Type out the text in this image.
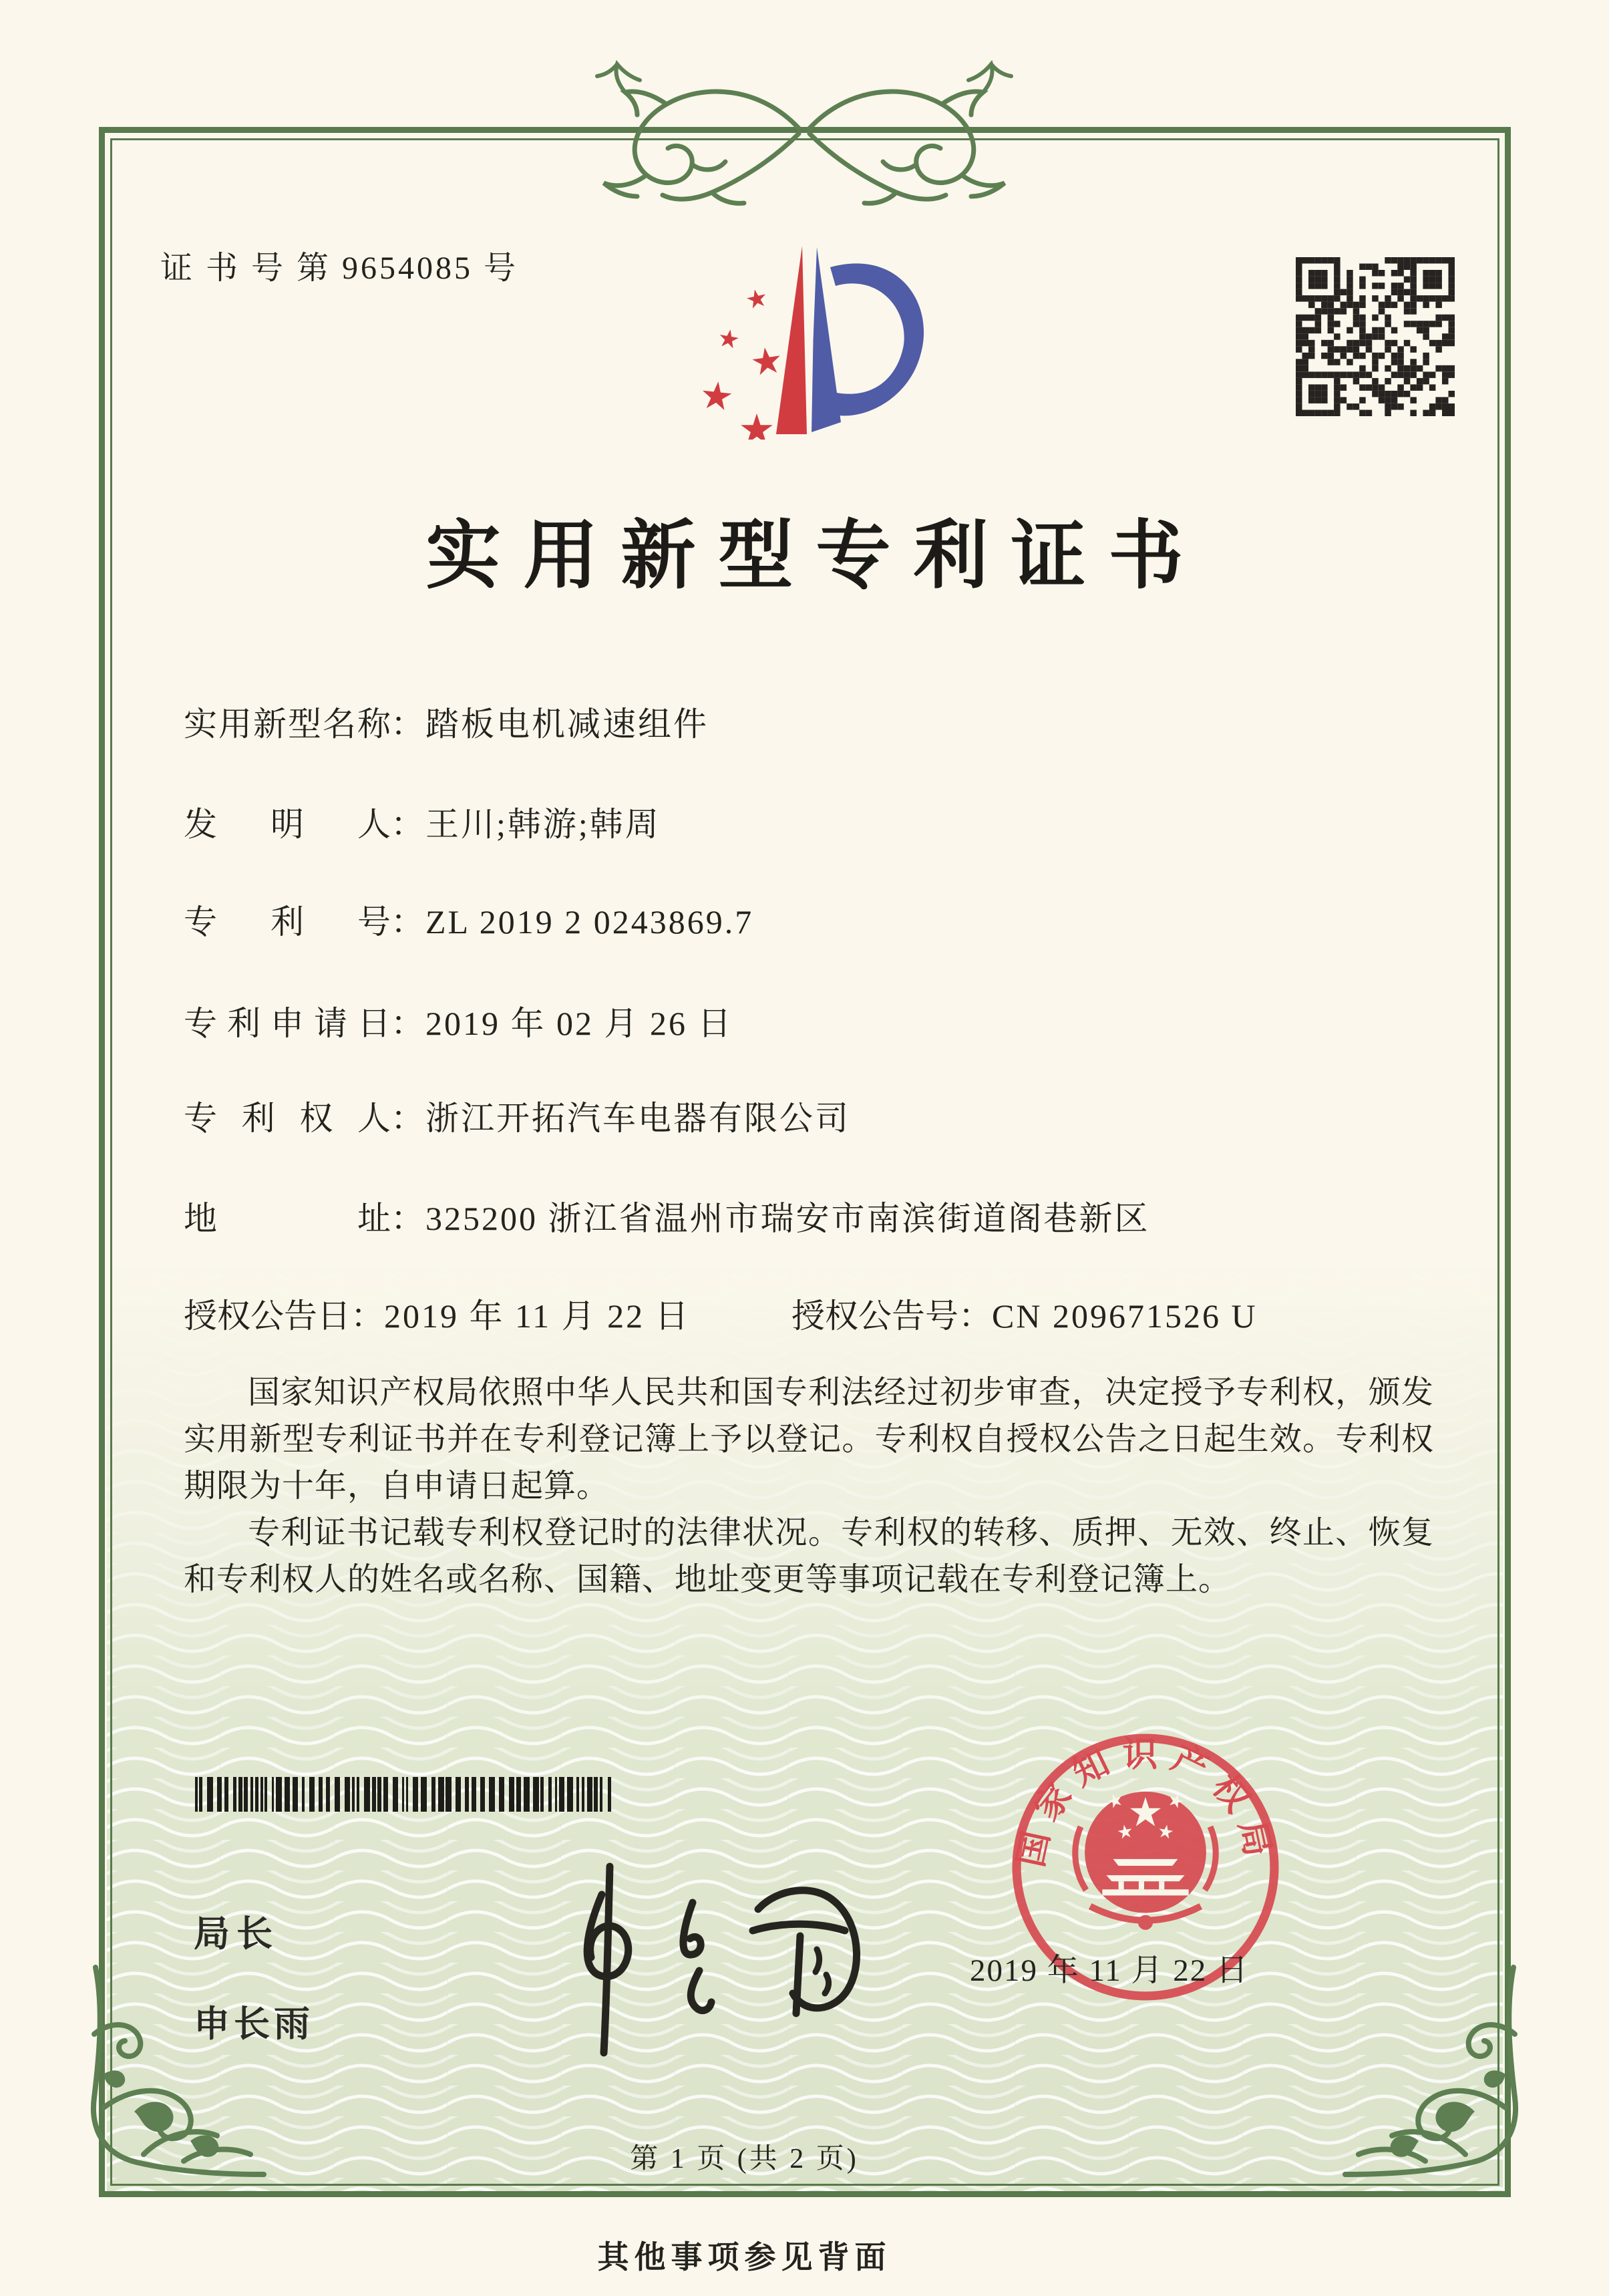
证 书 号 第 9654085 号
实用新型专利证书
实用新型名称：踏板电机减速组件
发明人：王川;韩游;韩周
专利号：ZL 2019 2 0243869.7
专利申请日：2019 年 02 月 26 日
专利权人：浙江开拓汽车电器有限公司
地址：325200 浙江省温州市瑞安市南滨街道阁巷新区
授权公告日：2019 年 11 月 22 日	授权公告号：CN 209671526 U

国家知识产权局依照中华人民共和国专利法经过初步审查，决定授予专利权，颁发实用新型专利证书并在专利登记簿上予以登记。专利权自授权公告之日起生效。专利权期限为十年，自申请日起算。

专利证书记载专利权登记时的法律状况。专利权的转移、质押、无效、终止、恢复和专利权人的姓名或名称、国籍、地址变更等事项记载在专利登记簿上。

局长
申长雨
国家知识产权局
2019 年 11 月 22 日
第 1 页 (共 2 页)
其他事项参见背面
